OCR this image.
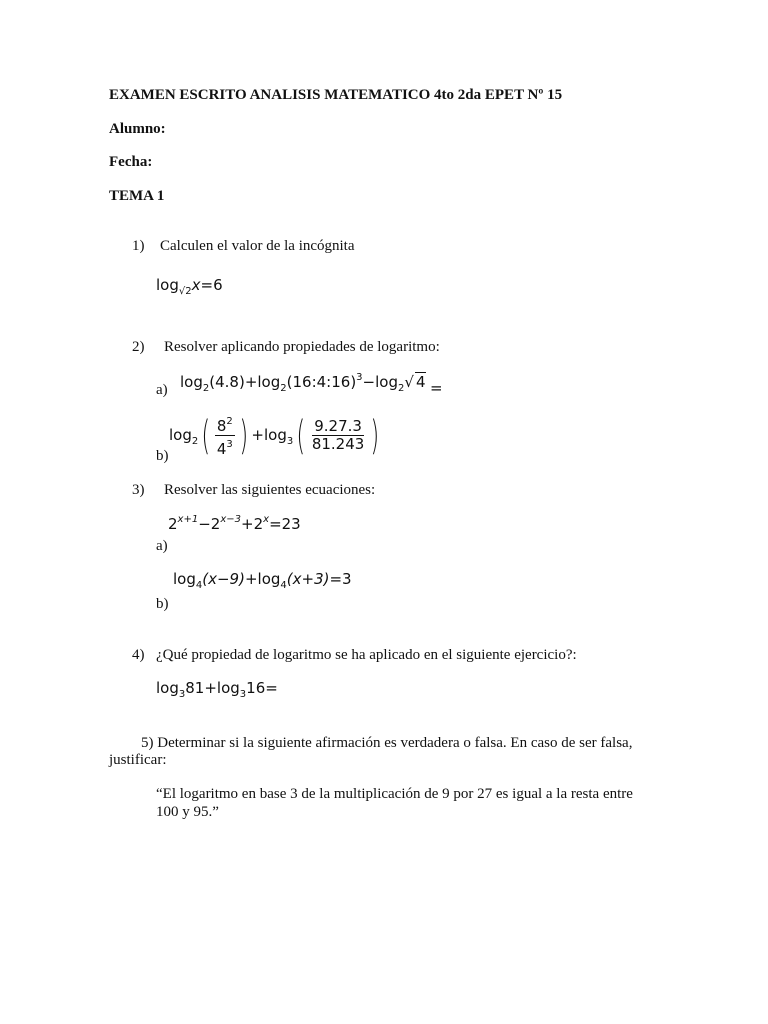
EXAMEN ESCRITO ANALISIS MATEMATICO 4to 2da EPET Nº 15
Alumno:
Fecha:
TEMA 1
1) Calculen el valor de la incógnita
$\log_{√2}x=6$
2) Resolver aplicando propiedades de logaritmo:
a) $\log_2(4.8)+\log_2(16:4:16)^3-\log_2√$ 4 =
b)
$\log_2( \frac{8^2}{4^3}$ ) $+\log_3( \frac{9.27.3}{81.243}$ )
3) Resolver las siguientes ecuaciones:
$2^{x+1}-2^{x-3}+2^x=23$
a)
$\log_4(x-9)+\log_4(x+3)=3$
b)
4) ¿Qué propiedad de logaritmo se ha aplicado en el siguiente ejercicio?:
$\log_381+\log_316=$
5) Determinar si la siguiente afirmación es verdadera o falsa. En caso de ser falsa,
justificar:
“El logaritmo en base 3 de la multiplicación de 9 por 27 es igual a la resta entre
100 y 95.”
